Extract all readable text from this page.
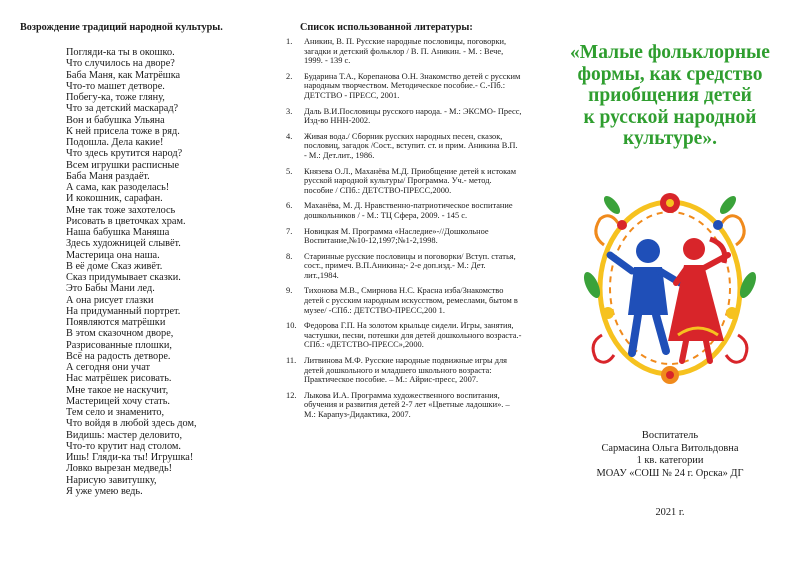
Возрождение традиций народной культуры.
Погляди-ка ты в окошко.
Что случилось на дворе?
Баба Маня, как Матрёшка
Что-то машет детворе.
Побегу-ка, тоже гляну,
Что за детский маскарад?
Вон и бабушка Ульяна
К ней присела тоже в ряд.
Подошла. Дела какие!
Что здесь крутится народ?
Всем игрушки расписные
Баба Маня раздаёт.
А сама, как разоделась!
И кокошник, сарафан.
Мне так тоже захотелось
Рисовать в цветочках храм.
Наша бабушка Маняша
Здесь художницей слывёт.
Мастерица она наша.
В её доме Сказ живёт.
Сказ придумывает сказки.
Это Бабы Мани лед.
А она рисует глазки
На придуманный портрет.
Появляются матрёшки
В этом сказочном дворе,
Разрисованные плошки,
Всё на радость детворе.
А сегодня они учат
Нас матрёшек рисовать.
Мне такое не наскучит,
Мастерицей хочу стать.
Тем село и знаменито,
Что войдя в любой здесь дом,
Видишь: мастер деловито,
Что-то крутит над столом.
Ишь! Гляди-ка ты! Игрушка!
Ловко вырезан медведь!
Нарисую завитушку,
Я уже умею ведь.
Список использованной литературы:
1.	Аникин, В. П. Русские народные пословицы, поговорки, загадки и детский фольклор / В. П. Аникин. - М. : Вече, 1999. - 139 с.
2.	Бударина Т.А., Корепанова О.Н. Знакомство детей с русским народным творчеством. Методическое пособие.- С.-Пб.: ДЕТСТВО - ПРЕСС, 2001.
3.	Даль В.И.Пословицы русского народа. - М.: ЭКСМО- Пресс, Изд-во ННН-2002.
4.	Живая вода./ Сборник русских народных песен, сказок, пословиц, загадок /Сост., вступит. ст. и прим. Аникина В.П. - М.: Дет.лит., 1986.
5.	Князева О.Л., Маханёва М.Д. Приобщение детей к истокам русской народной культуры/ Программа. Уч.- метод. пособие / СПб.: ДЕТСТВО-ПРЕСС,2000.
6.	Маханёва, М. Д. Нравственно-патриотическое воспитание дошкольников / - М.: ТЦ Сфера, 2009. - 145 с.
7.	Новицкая М. Программа «Наследие»-//Дошкольное Воспитание,№10-12,1997;№1-2,1998.
8.	Старинные русские пословицы и поговорки/ Вступ. статья, сост., примеч. В.П.Аникина;- 2-е доп.изд.- М.: Дет. лит.,1984.
9.	Тихонова М.В., Смирнова Н.С. Красна изба/Знакомство детей с русским народным искусством, ремеслами, бытом в музее/ -СПб.: ДЕТСТВО-ПРЕСС,200 1.
10. Федорова Г.П. На золотом крыльце сидели. Игры, занятия, частушки, песни, потешки для детей дошкольного возраста.- СПб.: «ДЕТСТВО-ПРЕСС»,2000.
11. Литвинова М.Ф. Русские народные подвижные игры для детей дошкольного и младшего школьного возраста: Практическое пособие. – М.: Айрис-пресс, 2007.
12. Лыкова И.А. Программа художественного воспитания, обучения и развития детей 2-7 лет «Цветные ладошки». – М.: Карапуз-Дидактика, 2007.
«Малые фольклорные
формы, как средство
приобщения детей
к русской народной
культуре».
Воспитатель
Сармасина Ольга Витольдовна
1 кв. категории
МОАУ «СОШ № 24 г. Орска» ДГ
2021 г.
